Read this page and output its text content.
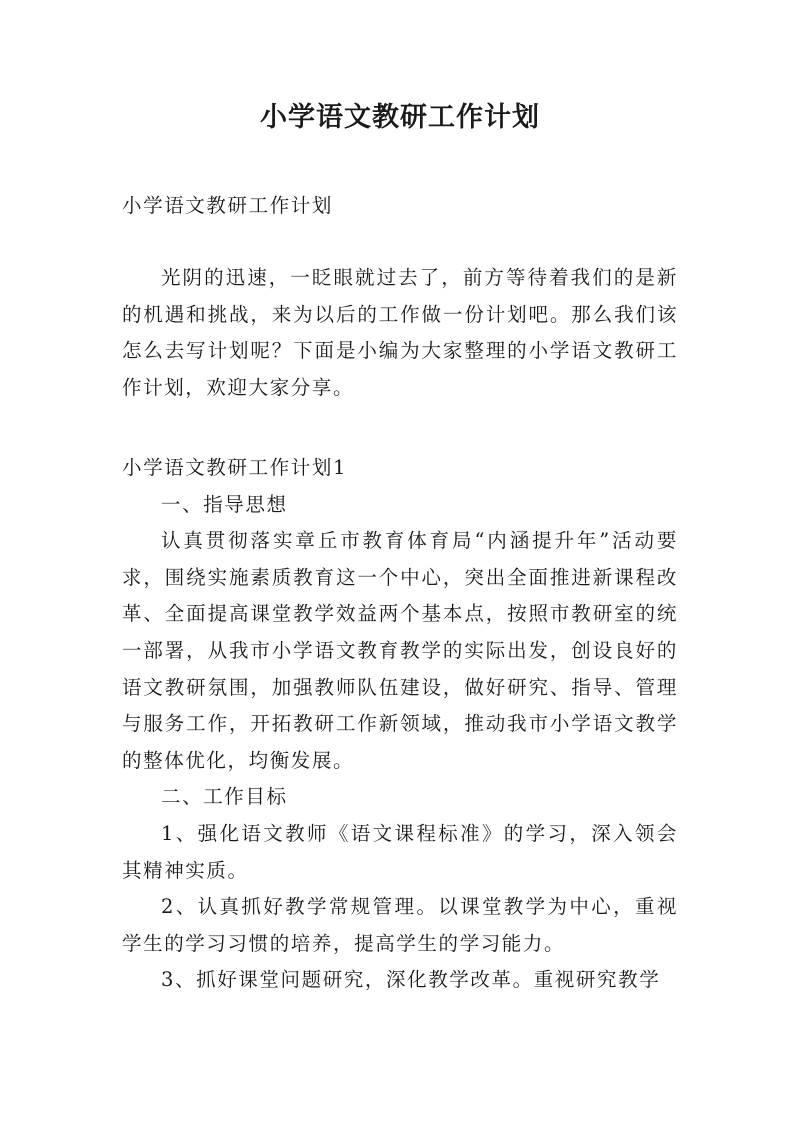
小学语文教研工作计划
小学语文教研工作计划

光阴的迅速，一眨眼就过去了，前方等待着我们的是新的机遇和挑战，来为以后的工作做一份计划吧。那么我们该怎么去写计划呢？下面是小编为大家整理的小学语文教研工作计划，欢迎大家分享。

小学语文教研工作计划1

一、指导思想

认真贯彻落实章丘市教育体育局“内涵提升年”活动要求，围绕实施素质教育这一个中心，突出全面推进新课程改革、全面提高课堂教学效益两个基本点，按照市教研室的统一部署，从我市小学语文教育教学的实际出发，创设良好的语文教研氛围，加强教师队伍建设，做好研究、指导、管理与服务工作，开拓教研工作新领域，推动我市小学语文教学的整体优化，均衡发展。

二、工作目标

1、强化语文教师《语文课程标准》的学习，深入领会其精神实质。

2、认真抓好教学常规管理。以课堂教学为中心，重视学生的学习习惯的培养，提高学生的学习能力。

3、抓好课堂问题研究，深化教学改革。重视研究教学
